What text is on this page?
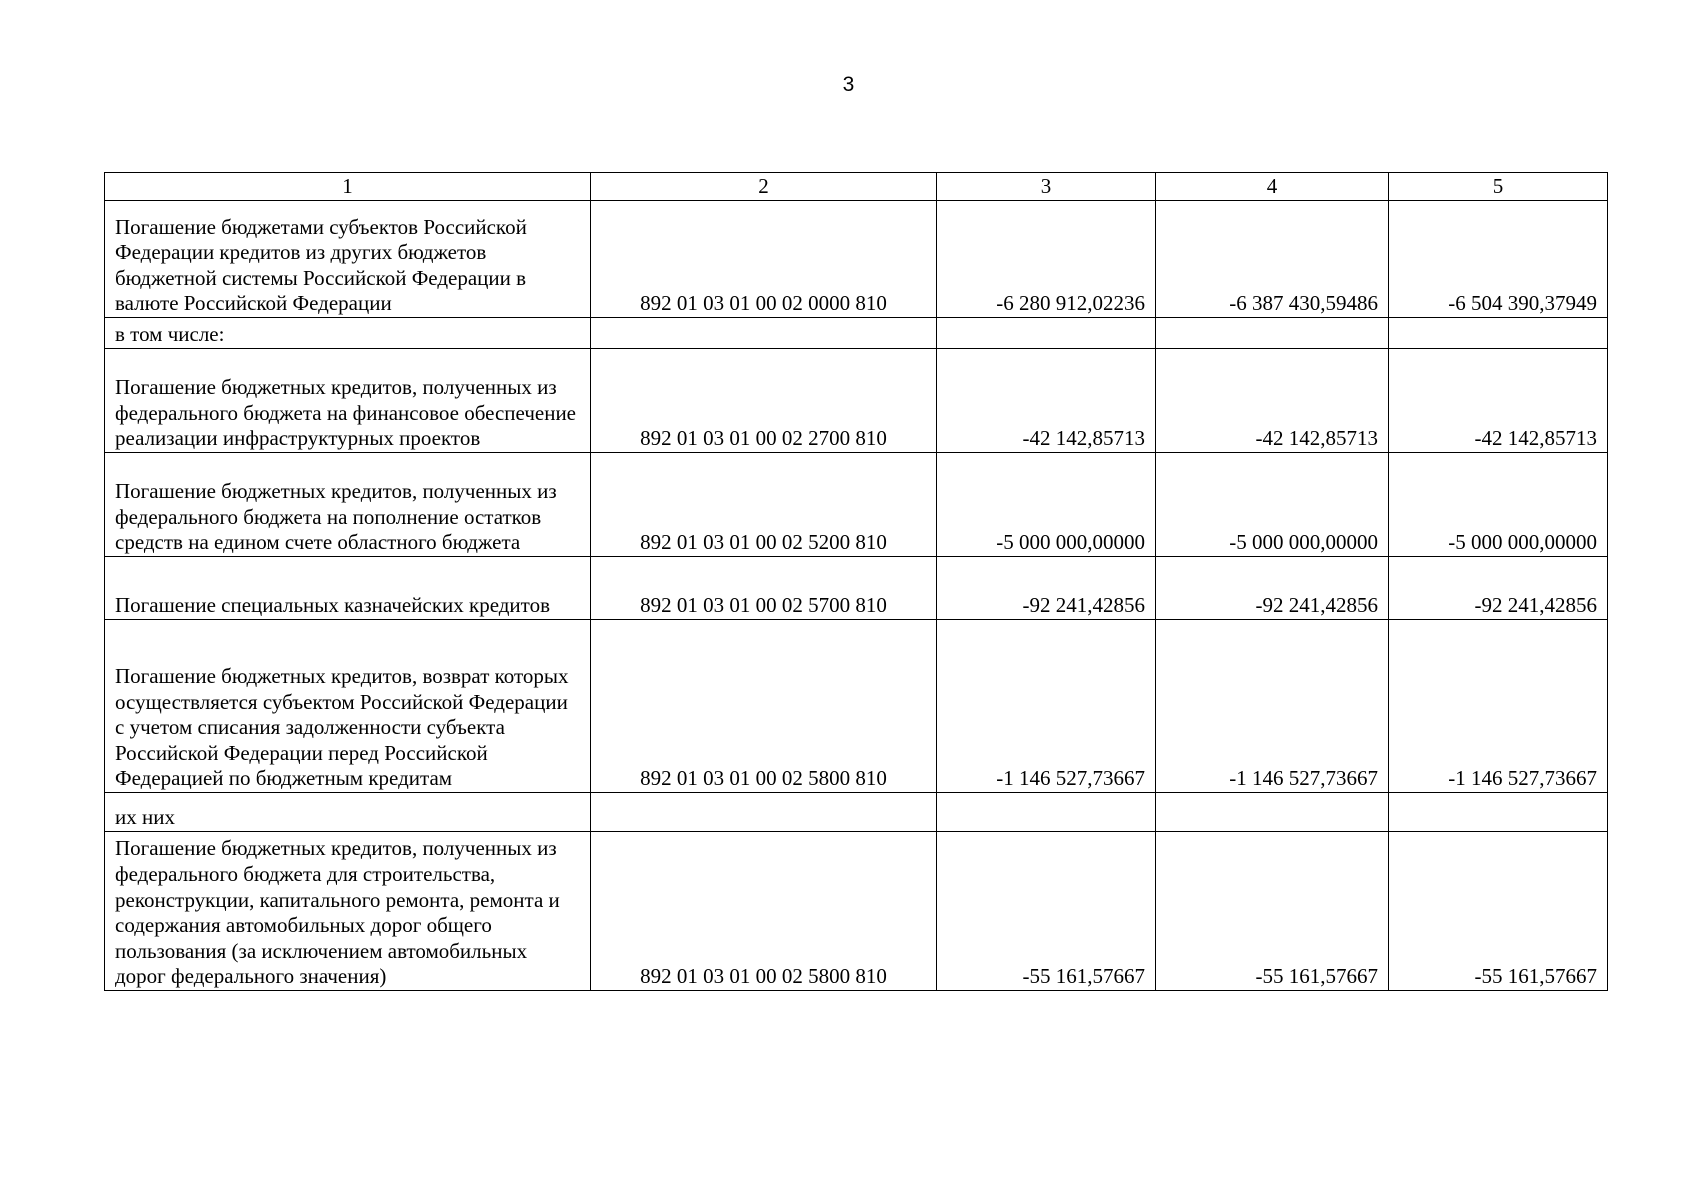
3
1	2	3	4	5

Погашение бюджетами субъектов Российской Федерации кредитов из других бюджетов бюджетной системы Российской Федерации в валюте Российской Федерации	892 01 03 01 00 02 0000 810	-6 280 912,02236	-6 387 430,59486	-6 504 390,37949

в том числе:				

Погашение бюджетных кредитов, полученных из федерального бюджета на финансовое обеспечение реализации инфраструктурных проектов	892 01 03 01 00 02 2700 810	-42 142,85713	-42 142,85713	-42 142,85713

Погашение бюджетных кредитов, полученных из федерального бюджета на пополнение остатков средств на едином счете областного бюджета	892 01 03 01 00 02 5200 810	-5 000 000,00000	-5 000 000,00000	-5 000 000,00000

Погашение специальных казначейских кредитов	892 01 03 01 00 02 5700 810	-92 241,42856	-92 241,42856	-92 241,42856

Погашение бюджетных кредитов, возврат которых осуществляется субъектом Российской Федерации с учетом списания задолженности субъекта Российской Федерации перед Российской Федерацией по бюджетным кредитам	892 01 03 01 00 02 5800 810	-1 146 527,73667	-1 146 527,73667	-1 146 527,73667

их них				

Погашение бюджетных кредитов, полученных из федерального бюджета для строительства, реконструкции, капитального ремонта, ремонта и содержания автомобильных дорог общего пользования (за исключением автомобильных дорог федерального значения)	892 01 03 01 00 02 5800 810	-55 161,57667	-55 161,57667	-55 161,57667
